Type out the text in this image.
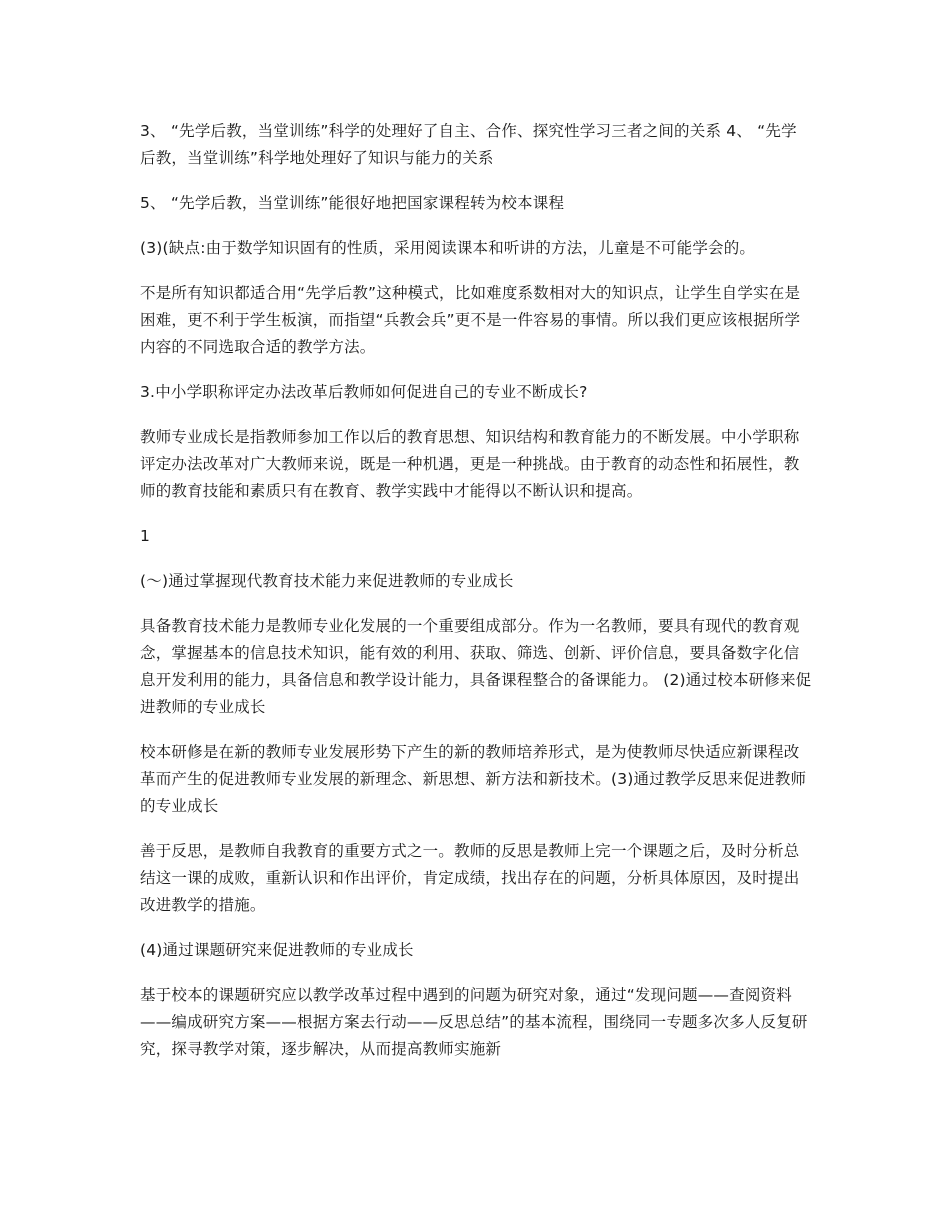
3、 “先学后教，当堂训练”科学的处理好了自主、合作、探究性学习三者之间的关系 4、 “先学后教，当堂训练”科学地处理好了知识与能力的关系

5、 “先学后教，当堂训练”能很好地把国家课程转为校本课程

(3)(缺点:由于数学知识固有的性质，采用阅读课本和听讲的方法，儿童是不可能学会的。

不是所有知识都适合用“先学后教”这种模式，比如难度系数相对大的知识点，让学生自学实在是困难，更不利于学生板演，而指望“兵教会兵”更不是一件容易的事情。所以我们更应该根据所学内容的不同选取合适的教学方法。

3.中小学职称评定办法改革后教师如何促进自己的专业不断成长?

教师专业成长是指教师参加工作以后的教育思想、知识结构和教育能力的不断发展。中小学职称评定办法改革对广大教师来说，既是一种机遇，更是一种挑战。由于教育的动态性和拓展性，教师的教育技能和素质只有在教育、教学实践中才能得以不断认识和提高。

1

(～)通过掌握现代教育技术能力来促进教师的专业成长

具备教育技术能力是教师专业化发展的一个重要组成部分。作为一名教师，要具有现代的教育观念，掌握基本的信息技术知识，能有效的利用、获取、筛选、创新、评价信息，要具备数字化信息开发利用的能力，具备信息和教学设计能力，具备课程整合的备课能力。 (2)通过校本研修来促进教师的专业成长

校本研修是在新的教师专业发展形势下产生的新的教师培养形式，是为使教师尽快适应新课程改革而产生的促进教师专业发展的新理念、新思想、新方法和新技术。(3)通过教学反思来促进教师的专业成长

善于反思，是教师自我教育的重要方式之一。教师的反思是教师上完一个课题之后，及时分析总结这一课的成败，重新认识和作出评价，肯定成绩，找出存在的问题，分析具体原因，及时提出改进教学的措施。

(4)通过课题研究来促进教师的专业成长

基于校本的课题研究应以教学改革过程中遇到的问题为研究对象，通过“发现问题——查阅资料——编成研究方案——根据方案去行动——反思总结”的基本流程，围绕同一专题多次多人反复研究，探寻教学对策，逐步解决，从而提高教师实施新
